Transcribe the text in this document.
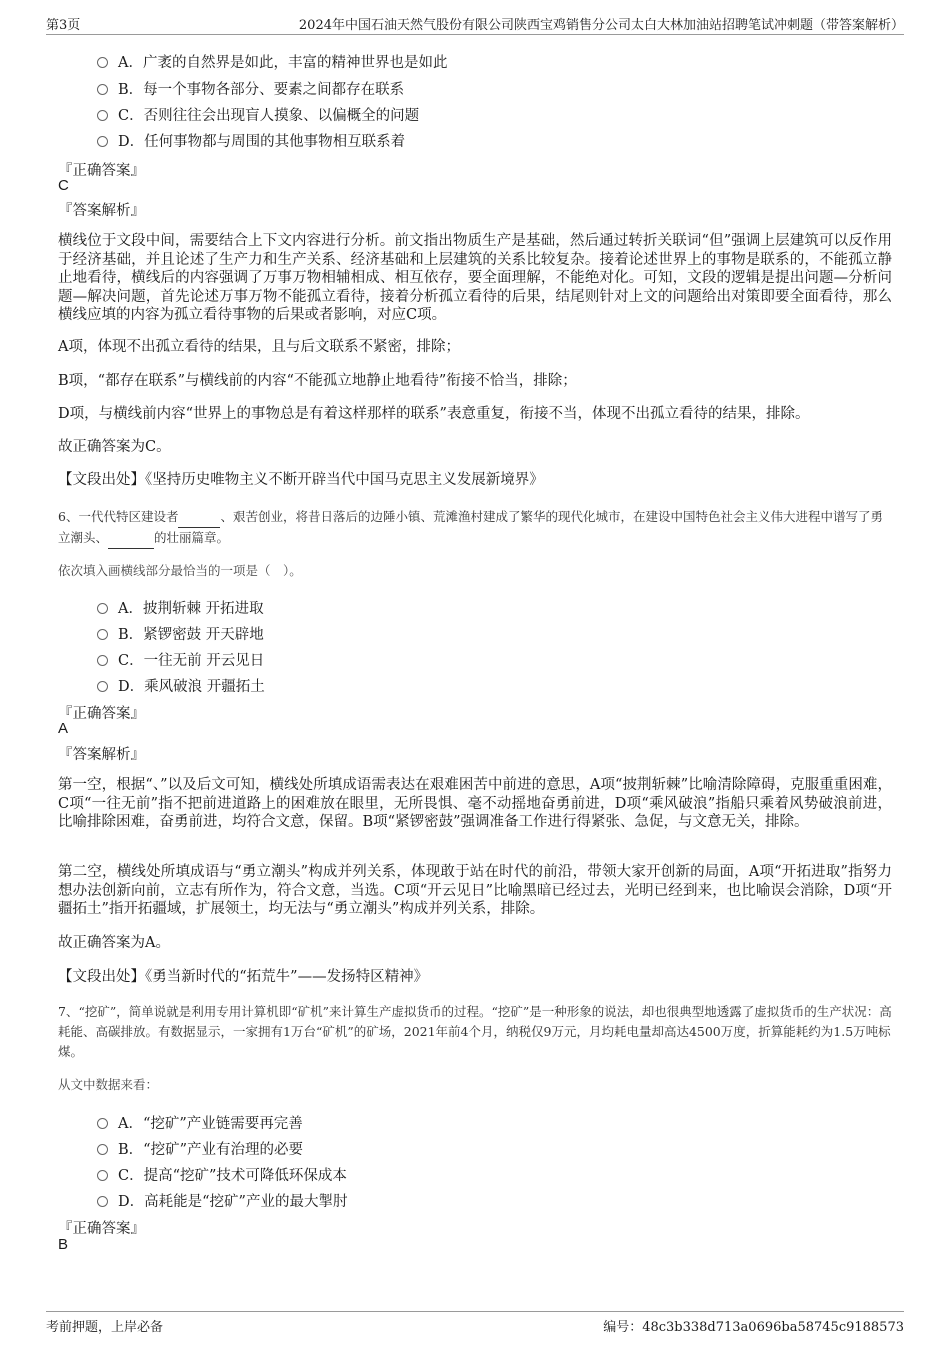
第3页	2024年中国石油天然气股份有限公司陕西宝鸡销售分公司太白大林加油站招聘笔试冲刺题（带答案解析）
A．广袤的自然界是如此，丰富的精神世界也是如此
B．每一个事物各部分、要素之间都存在联系
C．否则往往会出现盲人摸象、以偏概全的问题
D．任何事物都与周围的其他事物相互联系着
『正确答案』
C
『答案解析』
横线位于文段中间，需要结合上下文内容进行分析。前文指出物质生产是基础，然后通过转折关联词“但”强调上层建筑可以反作用于经济基础，并且论述了生产力和生产关系、经济基础和上层建筑的关系比较复杂。接着论述世界上的事物是联系的，不能孤立静止地看待，横线后的内容强调了万事万物相辅相成、相互依存，要全面理解，不能绝对化。可知，文段的逻辑是提出问题—分析问题—解决问题，首先论述万事万物不能孤立看待，接着分析孤立看待的后果，结尾则针对上文的问题给出对策即要全面看待，那么横线应填的内容为孤立看待事物的后果或者影响，对应C项。
A项，体现不出孤立看待的结果，且与后文联系不紧密，排除；
B项，“都存在联系”与横线前的内容“不能孤立地静止地看待”衔接不恰当，排除；
D项，与横线前内容“世界上的事物总是有着这样那样的联系”表意重复，衔接不当，体现不出孤立看待的结果，排除。
故正确答案为C。
【文段出处】《坚持历史唯物主义不断开辟当代中国马克思主义发展新境界》
6、一代代特区建设者	、艰苦创业，将昔日落后的边陲小镇、荒滩渔村建成了繁华的现代化城市，在建设中国特色社会主义伟大进程中谱写了勇立潮头、	的壮丽篇章。
依次填入画横线部分最恰当的一项是（　）。
A．披荆斩棘 开拓进取
B．紧锣密鼓 开天辟地
C．一往无前 开云见日
D．乘风破浪 开疆拓土
『正确答案』
A
『答案解析』
第一空，根据“、”以及后文可知，横线处所填成语需表达在艰难困苦中前进的意思，A项“披荆斩棘”比喻清除障碍，克服重重困难，C项“一往无前”指不把前进道路上的困难放在眼里，无所畏惧、毫不动摇地奋勇前进，D项“乘风破浪”指船只乘着风势破浪前进，比喻排除困难，奋勇前进，均符合文意，保留。B项“紧锣密鼓”强调准备工作进行得紧张、急促，与文意无关，排除。
第二空，横线处所填成语与“勇立潮头”构成并列关系，体现敢于站在时代的前沿，带领大家开创新的局面，A项“开拓进取”指努力想办法创新向前，立志有所作为，符合文意，当选。C项“开云见日”比喻黑暗已经过去，光明已经到来，也比喻误会消除，D项“开疆拓土”指开拓疆域，扩展领土，均无法与“勇立潮头”构成并列关系，排除。
故正确答案为A。
【文段出处】《勇当新时代的“拓荒牛”——发扬特区精神》
7、“挖矿”，简单说就是利用专用计算机即“矿机”来计算生产虚拟货币的过程。“挖矿”是一种形象的说法，却也很典型地透露了虚拟货币的生产状况：高耗能、高碳排放。有数据显示，一家拥有1万台“矿机”的矿场，2021年前4个月，纳税仅9万元，月均耗电量却高达4500万度，折算能耗约为1.5万吨标煤。
从文中数据来看：
A．“挖矿”产业链需要再完善
B．“挖矿”产业有治理的必要
C．提高“挖矿”技术可降低环保成本
D．高耗能是“挖矿”产业的最大掣肘
『正确答案』
B
考前押题，上岸必备	编号：48c3b338d713a0696ba58745c9188573
